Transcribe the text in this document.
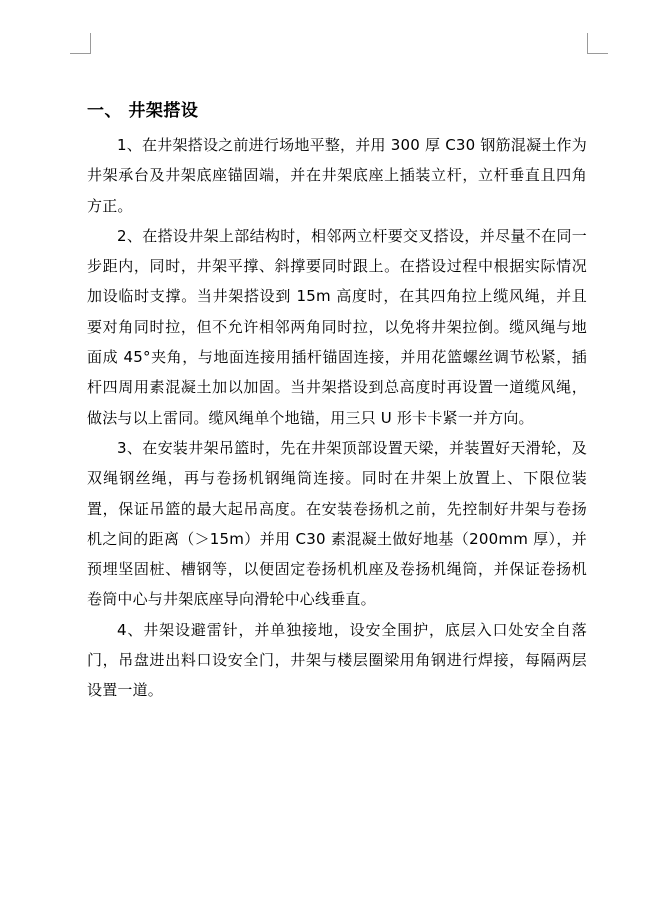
一、 井架搭设

1、在井架搭设之前进行场地平整，并用 300 厚 C30 钢筋混凝土作为井架承台及井架底座锚固端，并在井架底座上插装立杆，立杆垂直且四角方正。

2、在搭设井架上部结构时，相邻两立杆要交叉搭设，并尽量不在同一步距内，同时，井架平撑、斜撑要同时跟上。在搭设过程中根据实际情况加设临时支撑。当井架搭设到 15m 高度时，在其四角拉上缆风绳，并且要对角同时拉，但不允许相邻两角同时拉，以免将井架拉倒。缆风绳与地面成 45°夹角，与地面连接用插杆锚固连接，并用花篮螺丝调节松紧，插杆四周用素混凝土加以加固。当井架搭设到总高度时再设置一道缆风绳，做法与以上雷同。缆风绳单个地锚，用三只 U 形卡卡紧一并方向。

3、在安装井架吊篮时，先在井架顶部设置天梁，并装置好天滑轮，及双绳钢丝绳，再与卷扬机钢绳筒连接。同时在井架上放置上、下限位装置，保证吊篮的最大起吊高度。在安装卷扬机之前，先控制好井架与卷扬机之间的距离（＞15m）并用 C30 素混凝土做好地基（200mm 厚），并预埋坚固桩、槽钢等，以便固定卷扬机机座及卷扬机绳筒，并保证卷扬机卷筒中心与井架底座导向滑轮中心线垂直。

4、井架设避雷针，并单独接地，设安全围护，底层入口处安全自落门，吊盘进出料口设安全门，井架与楼层圈梁用角钢进行焊接，每隔两层设置一道。
